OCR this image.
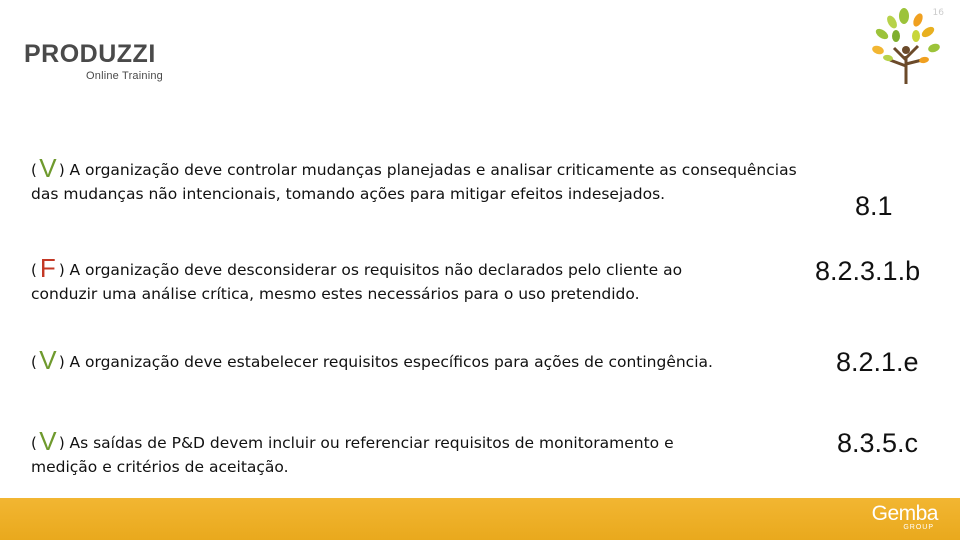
PRODUZZI
Online Training
16
(V ) A organização deve controlar mudanças planejadas e analisar criticamente as consequências
das mudanças não intencionais, tomando ações para mitigar efeitos indesejados.	8.1
( F ) A organização deve desconsiderar os requisitos não declarados pelo cliente ao
conduzir uma análise crítica, mesmo estes necessários para o uso pretendido.
8.2.3.1.b
(V ) A organização deve estabelecer requisitos específicos para ações de contingência.	8.2.1.e
(V ) As saídas de P&D devem incluir ou referenciar requisitos de monitoramento e
medição e critérios de aceitação.
8.3.5.c
Gemba
GROUP
